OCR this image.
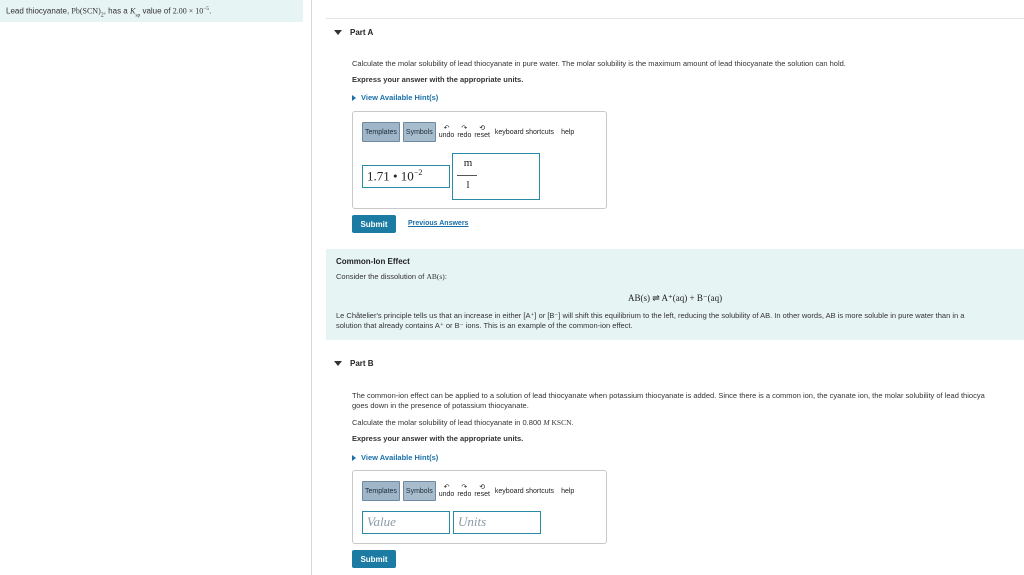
Lead thiocyanate, $Pb(SCN)_2$, has a $K_{sp}$ value of $2.00 \times 10^{-5}$.
Part A
Calculate the molar solubility of lead thiocyanate in pure water. The molar solubility is the maximum amount of lead thiocyanate the solution can hold.
Express your answer with the appropriate units.
View Available Hint(s)
Templates	Symbols	↶
undo
↷
redo
⟲
reset keyboard shortcuts help
1.71 • $10^{-2}$
m
l
Submit	Previous Answers
Common-Ion Effect
Consider the dissolution of AB(s):
AB(s) ⇌ A⁺(aq) + B⁻(aq)
Le Châtelier's principle tells us that an increase in either [A⁺] or [B⁻] will shift this equilibrium to the left, reducing the solubility of AB. In other words, AB is more soluble in pure water than in a
solution that already contains A⁺ or B⁻ ions. This is an example of the common-ion effect.
Part B
The common-ion effect can be applied to a solution of lead thiocyanate when potassium thiocyanate is added. Since there is a common ion, the cyanate ion, the molar solubility of lead thiocya
goes down in the presence of potassium thiocyanate.
Calculate the molar solubility of lead thiocyanate in 0.800 M KSCN.
Express your answer with the appropriate units.
View Available Hint(s)
Templates	Symbols	↶
undo
↷
redo
⟲
reset keyboard shortcuts help
Value	Units
Submit
